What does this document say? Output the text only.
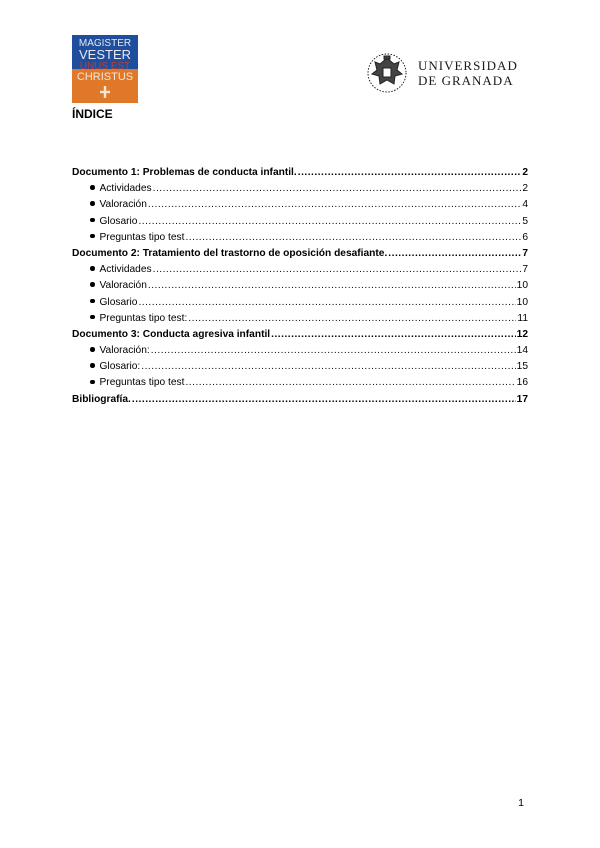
MAGISTER
VESTER
UNUS EST
CHRISTUS
UNIVERSIDAD
DE GRANADA
ÍNDICE
Documento 1: Problemas de conducta infantil. .....	2
Actividades .....	2
Valoración .....	4
Glosario .....	5
Preguntas tipo test .....	6
Documento 2: Tratamiento del trastorno de oposición desafiante. .....	7
Actividades .....	7
Valoración .....	10
Glosario .....	10
Preguntas tipo test: .....	11
Documento 3: Conducta agresiva infantil .....	12
Valoración: .....	14
Glosario: .....	15
Preguntas tipo test .....	16
Bibliografía. .....	17
1
